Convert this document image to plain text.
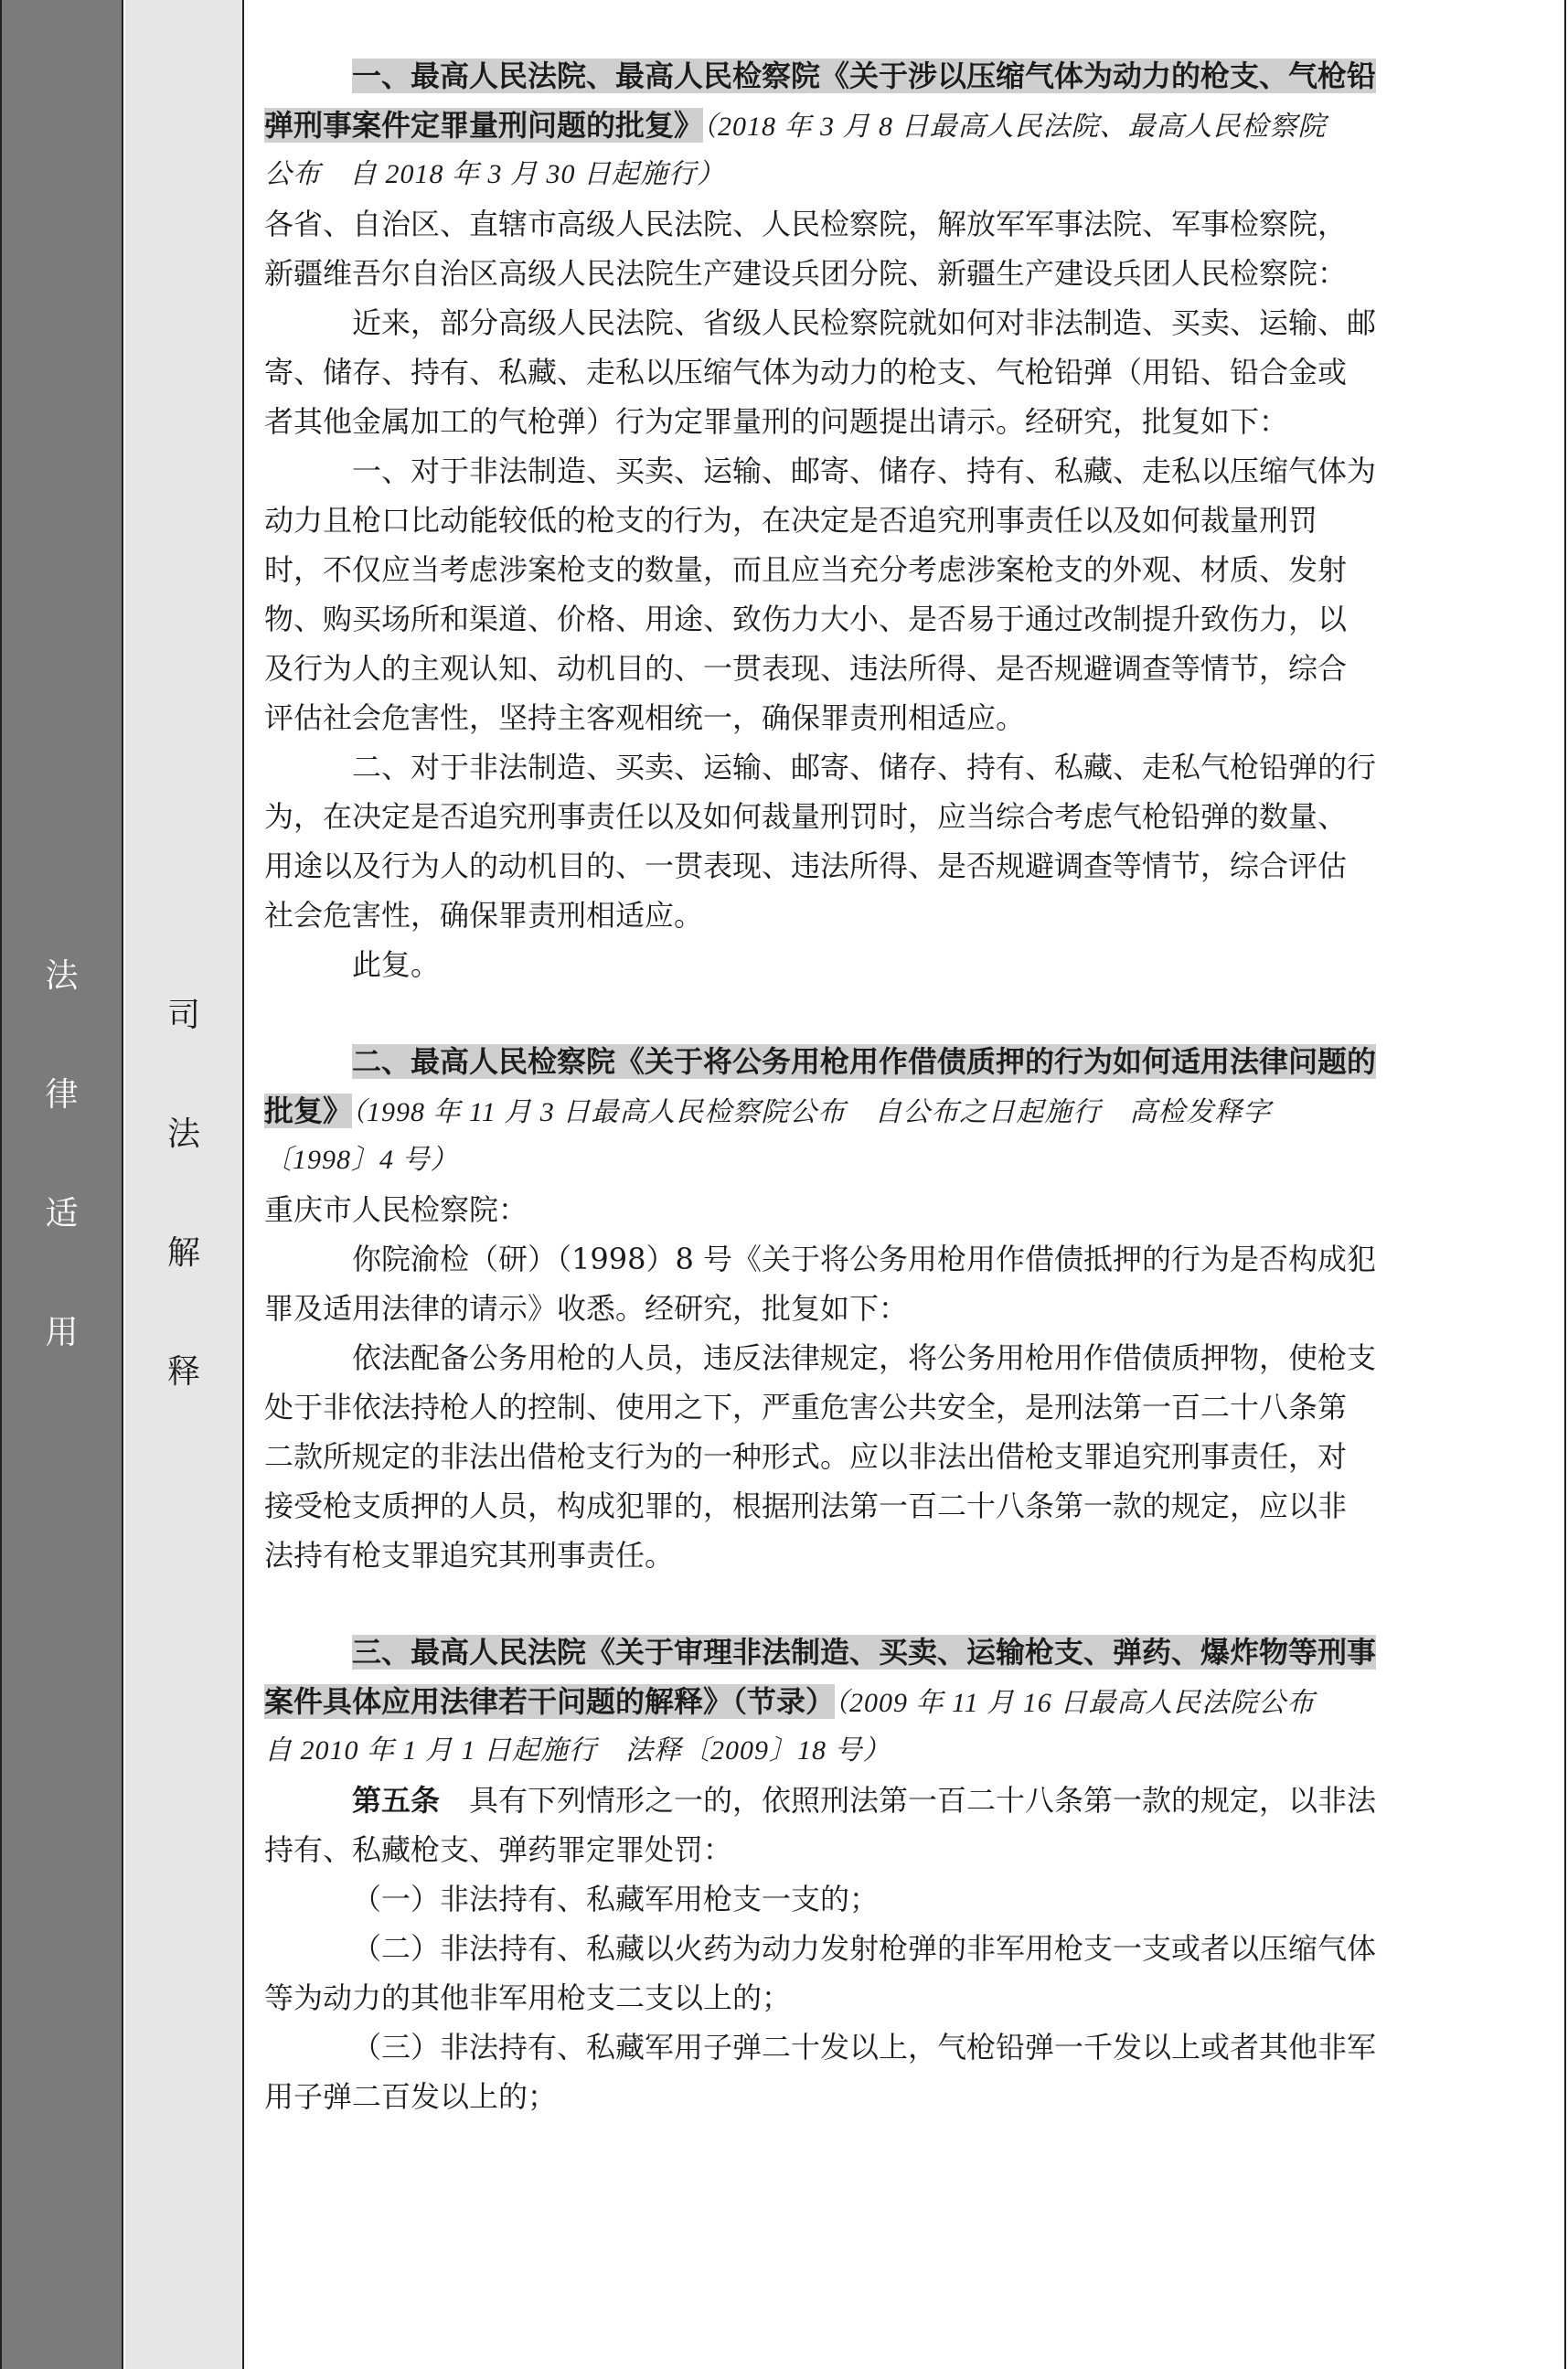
法
律
适
用
司
法
解
释
一、最高人民法院、最高人民检察院《关于涉以压缩气体为动力的枪支、气枪铅
弹刑事案件定罪量刑问题的批复》（2018 年 3 月 8 日最高人民法院、最高人民检察院
公布　自 2018 年 3 月 30 日起施行）
各省、自治区、直辖市高级人民法院、人民检察院，解放军军事法院、军事检察院，
新疆维吾尔自治区高级人民法院生产建设兵团分院、新疆生产建设兵团人民检察院：
近来，部分高级人民法院、省级人民检察院就如何对非法制造、买卖、运输、邮
寄、储存、持有、私藏、走私以压缩气体为动力的枪支、气枪铅弹（用铅、铅合金或
者其他金属加工的气枪弹）行为定罪量刑的问题提出请示。经研究，批复如下：
一、对于非法制造、买卖、运输、邮寄、储存、持有、私藏、走私以压缩气体为
动力且枪口比动能较低的枪支的行为，在决定是否追究刑事责任以及如何裁量刑罚
时，不仅应当考虑涉案枪支的数量，而且应当充分考虑涉案枪支的外观、材质、发射
物、购买场所和渠道、价格、用途、致伤力大小、是否易于通过改制提升致伤力，以
及行为人的主观认知、动机目的、一贯表现、违法所得、是否规避调查等情节，综合
评估社会危害性，坚持主客观相统一，确保罪责刑相适应。
二、对于非法制造、买卖、运输、邮寄、储存、持有、私藏、走私气枪铅弹的行
为，在决定是否追究刑事责任以及如何裁量刑罚时，应当综合考虑气枪铅弹的数量、
用途以及行为人的动机目的、一贯表现、违法所得、是否规避调查等情节，综合评估
社会危害性，确保罪责刑相适应。
此复。
二、最高人民检察院《关于将公务用枪用作借债质押的行为如何适用法律问题的
批复》（1998 年 11 月 3 日最高人民检察院公布　自公布之日起施行　高检发释字
〔1998〕4 号）
重庆市人民检察院：
你院渝检（研）（1998）8 号《关于将公务用枪用作借债抵押的行为是否构成犯
罪及适用法律的请示》收悉。经研究，批复如下：
依法配备公务用枪的人员，违反法律规定，将公务用枪用作借债质押物，使枪支
处于非依法持枪人的控制、使用之下，严重危害公共安全，是刑法第一百二十八条第
二款所规定的非法出借枪支行为的一种形式。应以非法出借枪支罪追究刑事责任，对
接受枪支质押的人员，构成犯罪的，根据刑法第一百二十八条第一款的规定，应以非
法持有枪支罪追究其刑事责任。
三、最高人民法院《关于审理非法制造、买卖、运输枪支、弹药、爆炸物等刑事
案件具体应用法律若干问题的解释》（节录）（2009 年 11 月 16 日最高人民法院公布
自 2010 年 1 月 1 日起施行　法释〔2009〕18 号）
第五条　具有下列情形之一的，依照刑法第一百二十八条第一款的规定，以非法
持有、私藏枪支、弹药罪定罪处罚：
（一）非法持有、私藏军用枪支一支的；
（二）非法持有、私藏以火药为动力发射枪弹的非军用枪支一支或者以压缩气体
等为动力的其他非军用枪支二支以上的；
（三）非法持有、私藏军用子弹二十发以上，气枪铅弹一千发以上或者其他非军
用子弹二百发以上的；
